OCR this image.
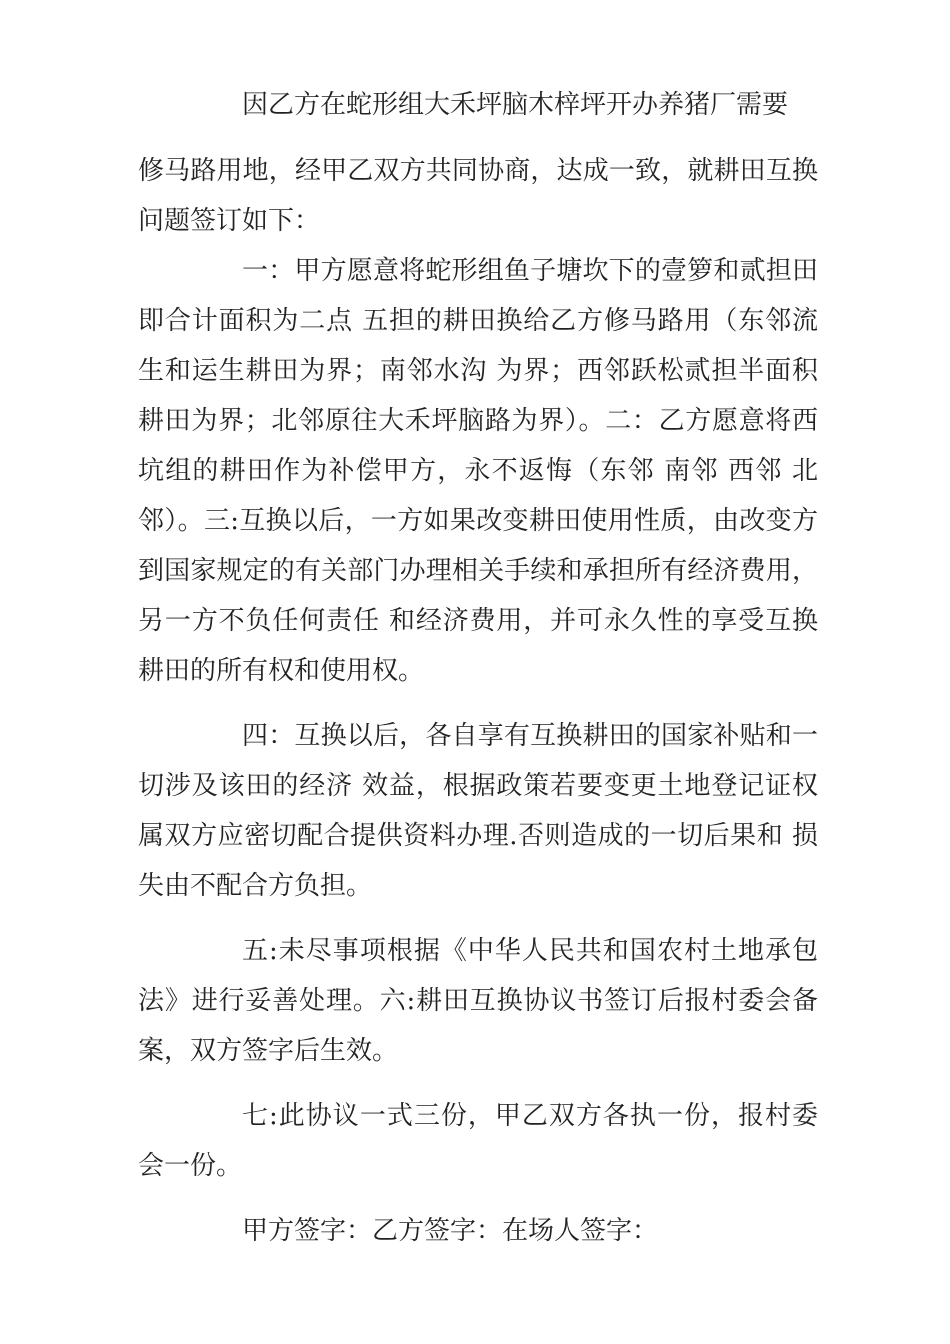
因乙方在蛇形组大禾坪脑木梓坪开办养猪厂需要

修马路用地，经甲乙双方共同协商，达成一致，就耕田互换问题签订如下：

一：甲方愿意将蛇形组鱼子塘坎下的壹箩和贰担田即合计面积为二点 五担的耕田换给乙方修马路用（东邻流生和运生耕田为界；南邻水沟 为界；西邻跃松贰担半面积耕田为界；北邻原往大禾坪脑路为界）。二：乙方愿意将西坑组的耕田作为补偿甲方，永不返悔（东邻 南邻 西邻 北邻）。三:互换以后，一方如果改变耕田使用性质，由改变方到国家规定的有关部门办理相关手续和承担所有经济费用，另一方不负任何责任 和经济费用，并可永久性的享受互换耕田的所有权和使用权。

四：互换以后，各自享有互换耕田的国家补贴和一切涉及该田的经济 效益，根据政策若要变更土地登记证权属双方应密切配合提供资料办理.否则造成的一切后果和 损失由不配合方负担。

五:未尽事项根据《中华人民共和国农村土地承包法》进行妥善处理。六:耕田互换协议书签订后报村委会备案，双方签字后生效。

七:此协议一式三份，甲乙双方各执一份，报村委会一份。

甲方签字：乙方签字：在场人签字：
